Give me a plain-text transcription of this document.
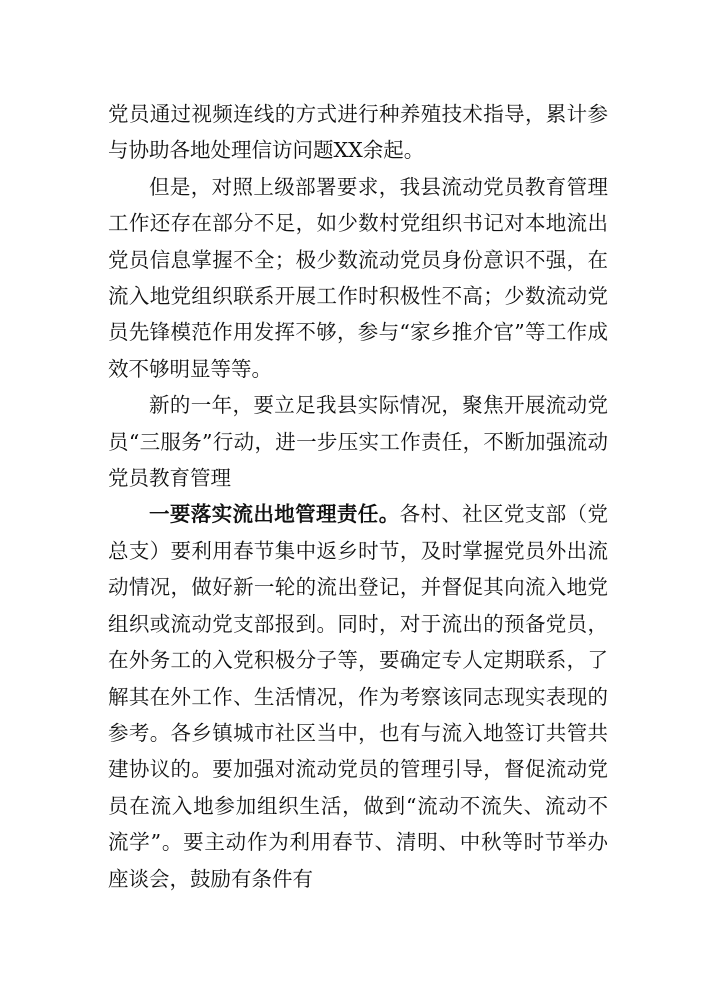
党员通过视频连线的方式进行种养殖技术指导，累计参与协助各地处理信访问题XX余起。

但是，对照上级部署要求，我县流动党员教育管理工作还存在部分不足，如少数村党组织书记对本地流出党员信息掌握不全；极少数流动党员身份意识不强，在流入地党组织联系开展工作时积极性不高；少数流动党员先锋模范作用发挥不够，参与“家乡推介官”等工作成效不够明显等等。

新的一年，要立足我县实际情况，聚焦开展流动党员“三服务”行动，进一步压实工作责任，不断加强流动党员教育管理

一要落实流出地管理责任。各村、社区党支部（党总支）要利用春节集中返乡时节，及时掌握党员外出流动情况，做好新一轮的流出登记，并督促其向流入地党组织或流动党支部报到。同时，对于流出的预备党员，在外务工的入党积极分子等，要确定专人定期联系，了解其在外工作、生活情况，作为考察该同志现实表现的参考。各乡镇城市社区当中，也有与流入地签订共管共建协议的。要加强对流动党员的管理引导，督促流动党员在流入地参加组织生活，做到“流动不流失、流动不流学”。要主动作为利用春节、清明、中秋等时节举办座谈会，鼓励有条件有
